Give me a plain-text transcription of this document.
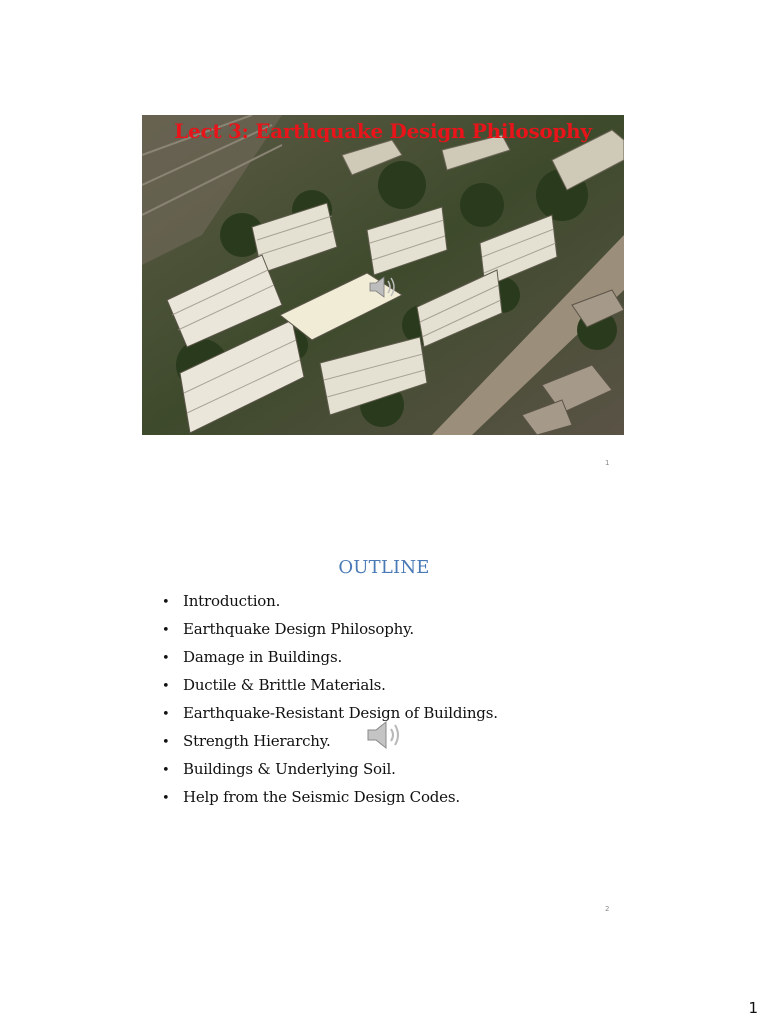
Lect 3: Earthquake Design Philosophy
1
OUTLINE
• Introduction.
• Earthquake Design Philosophy.
• Damage in Buildings.
• Ductile & Brittle Materials.
• Earthquake-Resistant Design of Buildings.
• Strength Hierarchy.
• Buildings & Underlying Soil.
• Help from the Seismic Design Codes.
2
1
